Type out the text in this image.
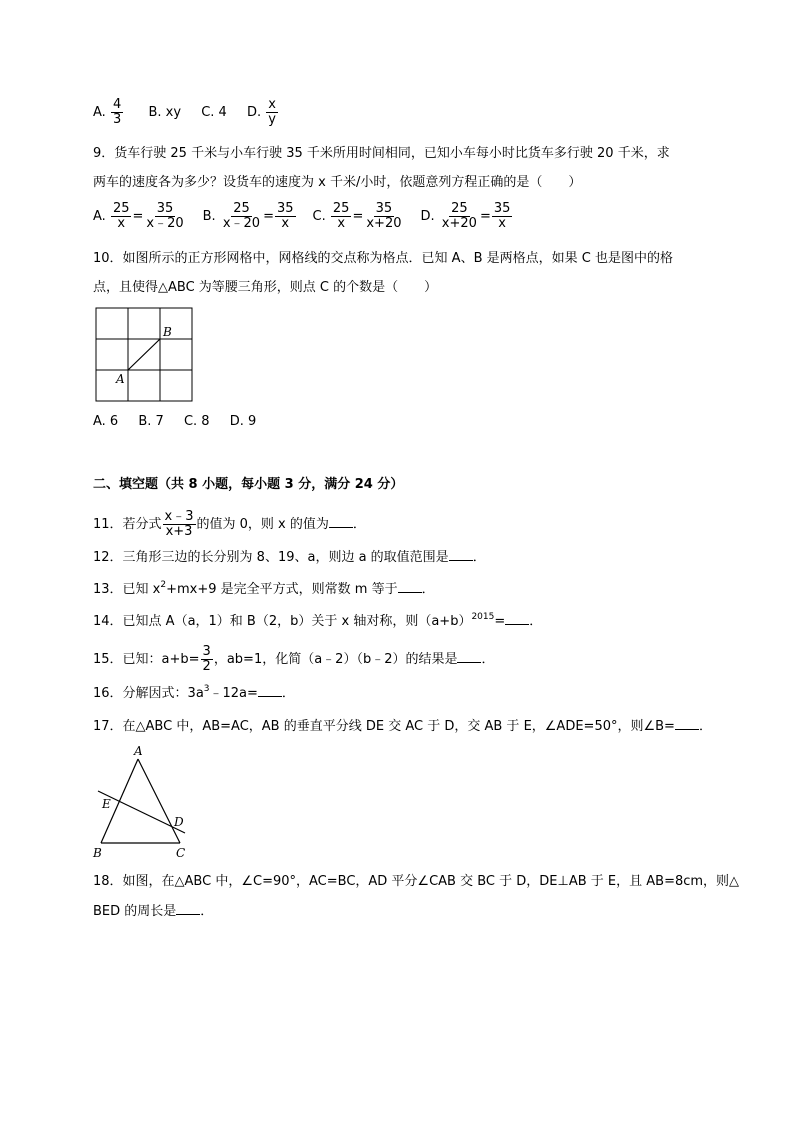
A. $\frac{4}{3} B$. xy C. 4 D. $\frac{x}{y}$
9．货车行驶 25 千米与小车行驶 35 千米所用时间相同，已知小车每小时比货车多行驶 20 千米，求
两车的速度各为多少？设货车的速度为 x 千米/小时，依题意列方程正确的是（　　）
A. $\frac{25}{x} = \frac{35}{x﹣20} B$. $\frac{25}{x﹣20} = \frac{35}{x} C$. $\frac{25}{x} = \frac{35}{x+20} D$. $\frac{25}{x+20} = \frac{35}{x}$
10．如图所示的正方形网格中，网格线的交点称为格点．已知 A、B 是两格点，如果 C 也是图中的格
点，且使得△ABC 为等腰三角形，则点 C 的个数是（　　）
A
B
A. 6 B. 7 C. 8 D. 9
二、填空题（共 8 小题，每小题 3 分，满分 24 分）
11．若分式 $\frac{x﹣3}{x+3}$ 的值为 0，则 x 的值为 ．
12．三角形三边的长分别为 8、19、a，则边 a 的取值范围是 ．
13．已知 $x^2+mx+9$ 是完全平方式，则常数 m 等于 ．
14．已知点 A（a，1）和 B（2，b）关于 x 轴对称，则$(a+b)^{2015}=$ ．
15．已知：$a+b= \frac{3}{2}$ ，ab=1，化简（a﹣2）（b﹣2）的结果是 ．
16．分解因式：$3a^3﹣12a=$ ．
17．在△ABC 中，AB=AC，AB 的垂直平分线 DE 交 AC 于 D，交 AB 于 E，∠ADE=50°，则∠B= ．
A
B	C
D
E
18．如图，在△ABC 中，∠C=90°，AC=BC，AD 平分∠CAB 交 BC 于 D，DE⊥AB 于 E，且 AB=8cm，则△
BED 的周长是 ．
